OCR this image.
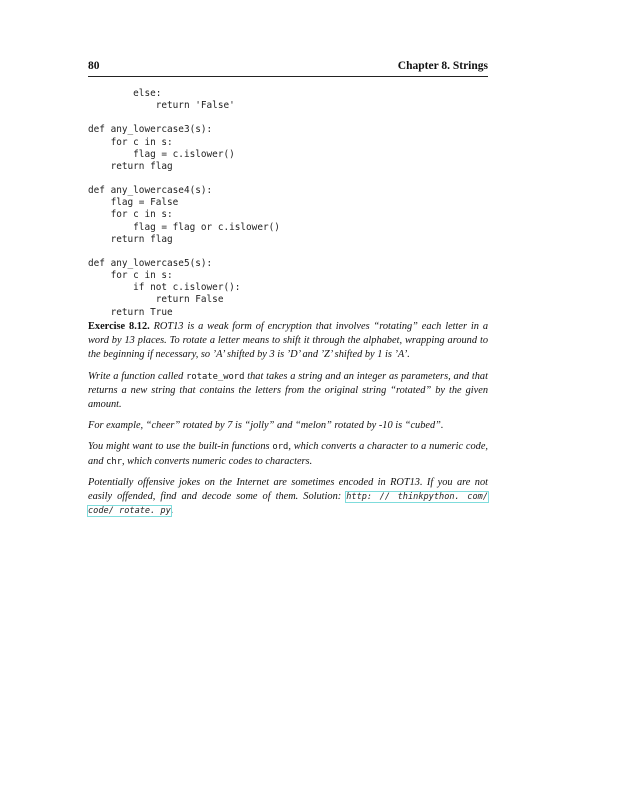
80	Chapter 8. Strings
else:
return 'False'
def any_lowercase3(s):
for c in s:
flag = c.islower()
return flag
def any_lowercase4(s):
flag = False
for c in s:
flag = flag or c.islower()
return flag
def any_lowercase5(s):
for c in s:
if not c.islower():
return False
return True

Exercise 8.12. ROT13 is a weak form of encryption that involves “rotating” each letter in a word by 13 places. To rotate a letter means to shift it through the alphabet, wrapping around to the beginning if necessary, so ’A’ shifted by 3 is ’D’ and ’Z’ shifted by 1 is ’A’.

Write a function called rotate_word that takes a string and an integer as parameters, and that returns a new string that contains the letters from the original string “rotated” by the given amount.

For example, “cheer” rotated by 7 is “jolly” and “melon” rotated by -10 is “cubed”.

You might want to use the built-in functions ord, which converts a character to a numeric code, and chr, which converts numeric codes to characters.

Potentially offensive jokes on the Internet are sometimes encoded in ROT13. If you are not easily offended, find and decode some of them. Solution: http: // thinkpython. com/ code/ rotate. py.
